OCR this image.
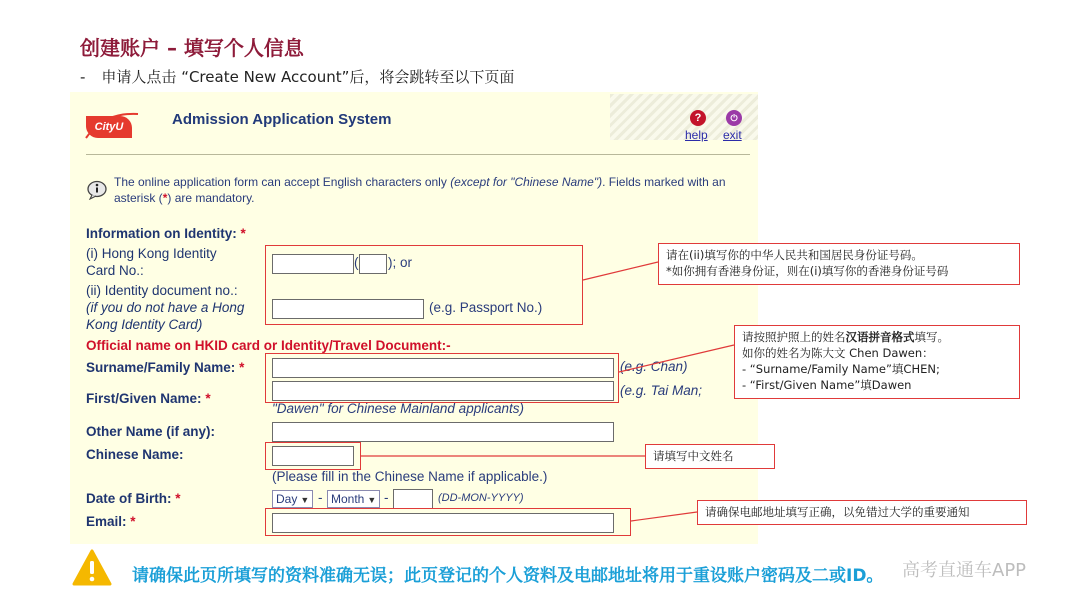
创建账户 – 填写个人信息
- 申请人点击 “Create New Account”后，将会跳转至以下页面
CityU	Admission Application System	?	⏻
help exit
The online application form can accept English characters only (except for "Chinese Name"). Fields marked with an asterisk (*) are mandatory.
Information on Identity: *
(i) Hong Kong Identity
Card No.:
( ); or
(ii) Identity document no.:
(if you do not have a Hong
Kong Identity Card)
(e.g. Passport No.)
Official name on HKID card or Identity/Travel Document:-
Surname/Family Name: *	(e.g. Chan)
First/Given Name: *
(e.g. Tai Man;
"Dawen" for Chinese Mainland applicants)
Other Name (if any):
Chinese Name:
(Please fill in the Chinese Name if applicable.)
Date of Birth: *	Day ▼ - Month ▼ -	(DD-MON-YYYY)
Email: *
请在(ii)填写你的中华人民共和国居民身份证号码。
*如你拥有香港身份证，则在(i)填写你的香港身份证号码
请按照护照上的姓名汉语拼音格式填写。
如你的姓名为陈大文 Chen Dawen：
- “Surname/Family Name”填CHEN;
- “First/Given Name”填Dawen
请填写中文姓名
请确保电邮地址填写正确，以免错过大学的重要通知
请确保此页所填写的资料准确无误；此页登记的个人资料及电邮地址将用于重设账户密码及二或ID。 高考直通车APP
